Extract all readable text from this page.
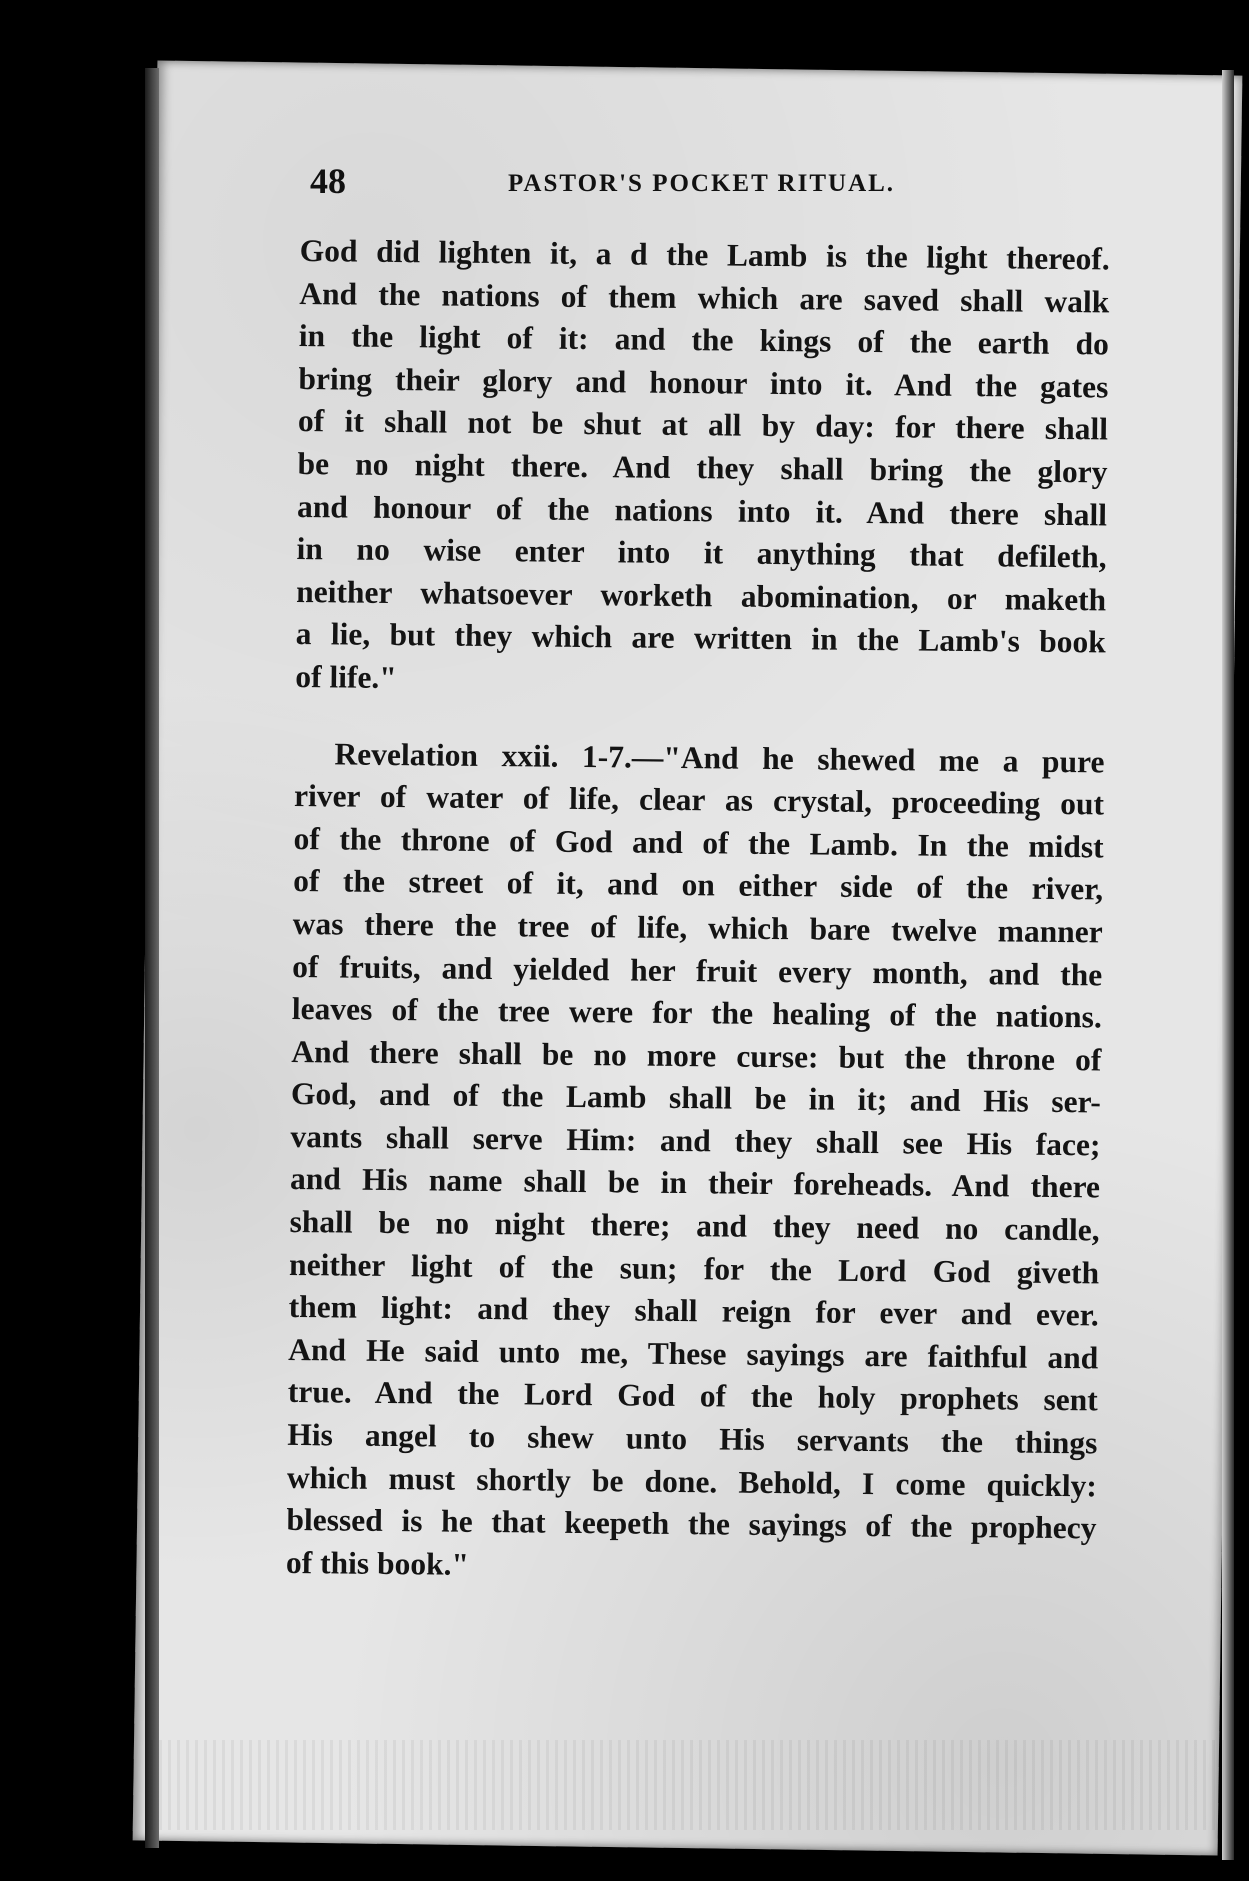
48	PASTOR'S POCKET RITUAL.

God did lighten it, a d the Lamb is the light thereof.
And the nations of them which are saved shall walk
in the light of it: and the kings of the earth do
bring their glory and honour into it. And the gates
of it shall not be shut at all by day: for there shall
be no night there. And they shall bring the glory
and honour of the nations into it. And there shall
in no wise enter into it anything that defileth,
neither whatsoever worketh abomination, or maketh
a lie, but they which are written in the Lamb's book
of life."

Revelation xxii. 1-7.—"And he shewed me a pure
river of water of life, clear as crystal, proceeding out
of the throne of God and of the Lamb. In the midst
of the street of it, and on either side of the river,
was there the tree of life, which bare twelve manner
of fruits, and yielded her fruit every month, and the
leaves of the tree were for the healing of the nations.
And there shall be no more curse: but the throne of
God, and of the Lamb shall be in it; and His ser-
vants shall serve Him: and they shall see His face;
and His name shall be in their foreheads. And there
shall be no night there; and they need no candle,
neither light of the sun; for the Lord God giveth
them light: and they shall reign for ever and ever.
And He said unto me, These sayings are faithful and
true. And the Lord God of the holy prophets sent
His angel to shew unto His servants the things
which must shortly be done. Behold, I come quickly:
blessed is he that keepeth the sayings of the prophecy
of this book."
